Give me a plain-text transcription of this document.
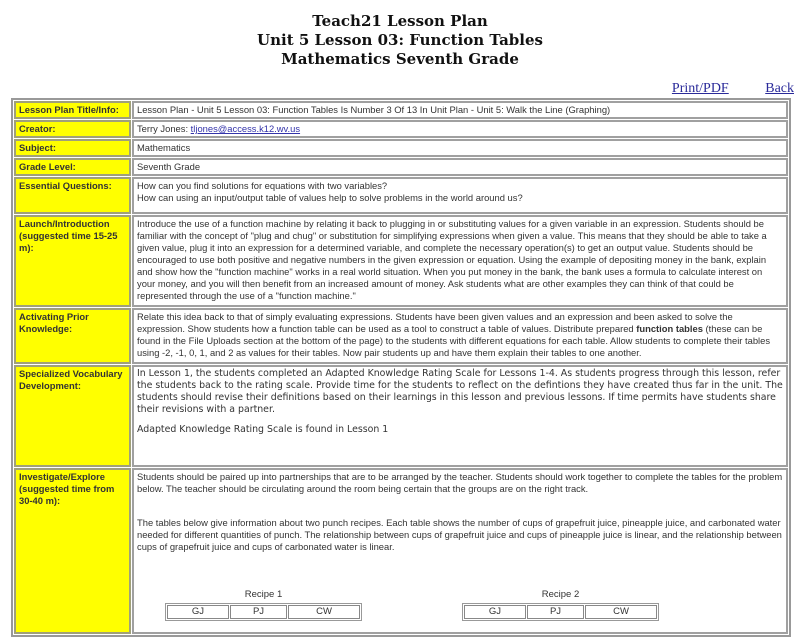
Teach21 Lesson Plan
Unit 5 Lesson 03: Function Tables
Mathematics Seventh Grade
Print/PDF	Back
Lesson Plan Title/Info:	Lesson Plan - Unit 5 Lesson 03: Function Tables Is Number 3 Of 13 In Unit Plan - Unit 5: Walk the Line (Graphing)
Creator:	Terry Jones: tljones@access.k12.wv.us
Subject:	Mathematics
Grade Level:	Seventh Grade
Essential Questions:	How can you find solutions for equations with two variables?
How can using an input/output table of values help to solve problems in the world around us?

Launch/Introduction (suggested time 15-25 m):	Introduce the use of a function machine by relating it back to plugging in or substituting values for a given variable in an expression. Students should be familiar with the concept of "plug and chug" or substitution for simplifying expressions when given a value. This means that they should be able to take a given value, plug it into an expression for a determined variable, and complete the necessary operation(s) to get an output value. Students should be encouraged to use both positive and negative numbers in the given expression or equation. Using the example of depositing money in the bank, explain and show how the "function machine" works in a real world situation. When you put money in the bank, the bank uses a formula to calculate interest on your money, and you will then benefit from an increased amount of money. Ask students what are other examples they can think of that could be represented through the use of a "function machine."
Activating Prior Knowledge:	Relate this idea back to that of simply evaluating expressions. Students have been given values and an expression and been asked to solve the expression. Show students how a function table can be used as a tool to construct a table of values. Distribute prepared function tables (these can be found in the File Uploads section at the bottom of the page) to the students with different equations for each table. Allow students to complete their tables using -2, -1, 0, 1, and 2 as values for their tables. Now pair students up and have them explain their tables to one another.
Specialized Vocabulary Development:	
In Lesson 1, the students completed an Adapted Knowledge Rating Scale for Lessons 1-4. As students progress through this lesson, refer the students back to the rating scale. Provide time for the students to reflect on the defintions they have created thus far in the unit. The students should revise their definitions based on their learnings in this lesson and previous lessons. If time permits have students share their revisions with a partner.
Adapted Knowledge Rating Scale is found in Lesson 1

Investigate/Explore (suggested time from 30-40 m):	
Students should be paired up into partnerships that are to be arranged by the teacher. Students should work together to complete the tables for the problem below. The teacher should be circulating around the room being certain that the groups are on the right track.
The tables below give information about two punch recipes. Each table shows the number of cups of grapefruit juice, pineapple juice, and carbonated water needed for different quantities of punch. The relationship between cups of grapefruit juice and cups of pineapple juice is linear, and the relationship between cups of grapefruit juice and cups of carbonated water is linear.
Recipe 1
GJ	PJ	CW
Recipe 2
GJ	PJ	CW
